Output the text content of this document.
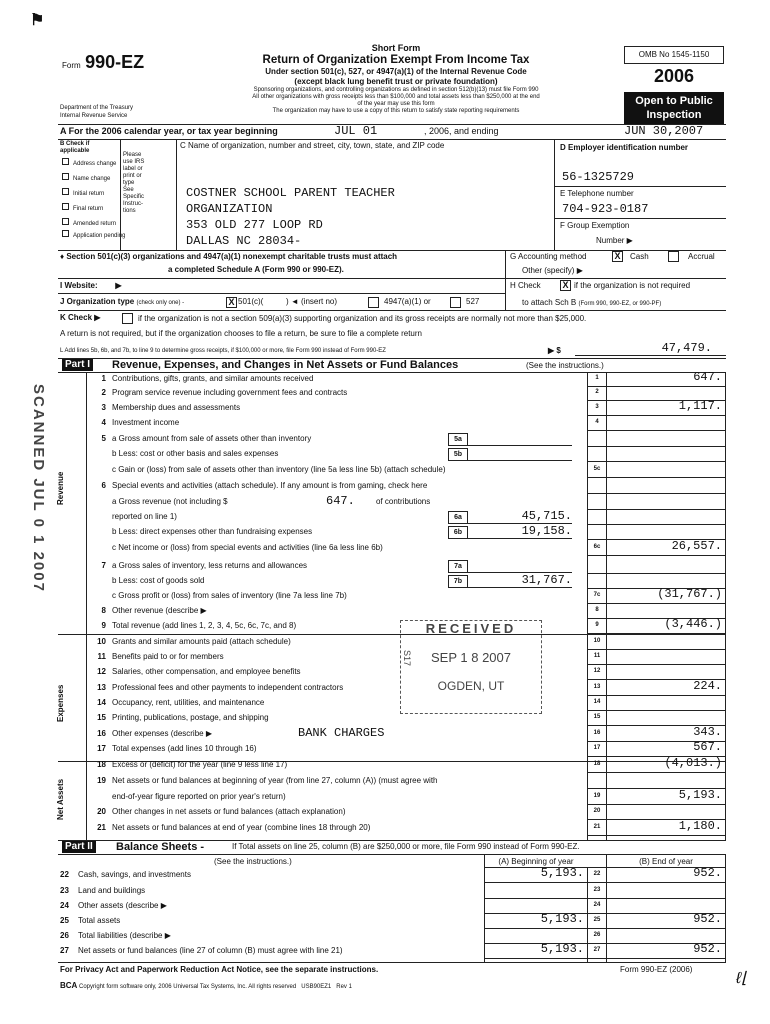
⚑
Form 990-EZ
Department of the Treasury
Internal Revenue Service
Short Form
Return of Organization Exempt From Income Tax
Under section 501(c), 527, or 4947(a)(1) of the Internal Revenue Code
(except black lung benefit trust or private foundation)
Sponsoring organizations, and controlling organizations as defined in section 512(b)(13) must file Form 990
All other organizations with gross receipts less than $100,000 and total assets less than $250,000 at the end
of the year may use this form
The organization may have to use a copy of this return to satisfy state reporting requirements
OMB No 1545-1150
2006
Open to Public
Inspection
A For the 2006 calendar year, or tax year beginning	JUL 01	, 2006, and ending	JUN 30,2007
B Check if applicable
Address change
Name change
Initial return
Final return
Amended return
Application pending
Please
use IRS
label or
print or
type
See
Specific
Instruc-
tions
C Name of organization, number and street, city, town, state, and ZIP code
COSTNER SCHOOL PARENT TEACHER
ORGANIZATION
353 OLD 277 LOOP RD
DALLAS NC 28034-
D Employer identification number
56-1325729
E Telephone number
704-923-0187
F Group Exemption
Number ▶
♦ Section 501(c)(3) organizations and 4947(a)(1) nonexempt charitable trusts must attach
a completed Schedule A (Form 990 or 990-EZ).
G Accounting method	X	Cash	Accrual
Other (specify) ▶
I Website:        ▶	H Check X if the organization is not required
J Organization type (check only one) -	X 501(c)(	) ◄ (insert no)	4947(a)(1) or	527	to attach Sch B (Form 990, 990-EZ, or 990-PF)
K Check ▶	if the organization is not a section 509(a)(3) supporting organization and its gross receipts are normally not more than $25,000.
A return is not required, but if the organization chooses to file a return, be sure to file a complete return
L Add lines 5b, 6b, and 7b, to line 9 to determine gross receipts, if $100,000 or more, file Form 990 instead of Form 990-EZ	▶ $	47,479.
Part I Revenue, Expenses, and Changes in Net Assets or Fund Balances	(See the instructions.)
Revenue
Expenses
Net Assets
1 Contributions, gifts, grants, and similar amounts received	1	647.
2 Program service revenue including government fees and contracts	2
3 Membership dues and assessments	3	1,117.
4 Investment income	4
5 a Gross amount from sale of assets other than inventory	5a
b Less: cost or other basis and sales expenses	5b
c Gain or (loss) from sale of assets other than inventory (line 5a less line 5b) (attach schedule)	5c
6 Special events and activities (attach schedule). If any amount is from gaming, check here
a Gross revenue (not including $	647.	of contributions
reported on line 1)	6a	45,715.
b Less: direct expenses other than fundraising expenses	6b	19,158.
c Net income or (loss) from special events and activities (line 6a less line 6b)	6c	26,557.
7 a Gross sales of inventory, less returns and allowances	7a
b Less: cost of goods sold	7b	31,767.
c Gross profit or (loss) from sales of inventory (line 7a less line 7b)	7c	(31,767.)
8 Other revenue (describe ▶	8
9 Total revenue (add lines 1, 2, 3, 4, 5c, 6c, 7c, and 8)	9	(3,446.)
10 Grants and similar amounts paid (attach schedule)	10
11 Benefits paid to or for members	11
12 Salaries, other compensation, and employee benefits	12
13 Professional fees and other payments to independent contractors	13	224.
14 Occupancy, rent, utilities, and maintenance	14
15 Printing, publications, postage, and shipping	15
16 Other expenses (describe ▶	BANK CHARGES	16	343.
17 Total expenses (add lines 10 through 16)	17	567.
18 Excess or (deficit) for the year (line 9 less line 17)	18	(4,013.)
19 Net assets or fund balances at beginning of year (from line 27, column (A)) (must agree with
end-of-year figure reported on prior year's return)	19	5,193.
20 Other changes in net assets or fund balances (attach explanation)	20
21 Net assets or fund balances at end of year (combine lines 18 through 20)	21	1,180.
Part II Balance Sheets -	If Total assets on line 25, column (B) are $250,000 or more, file Form 990 instead of Form 990-EZ.
(See the instructions.)	(A) Beginning of year	(B) End of year
22 Cash, savings, and investments	5,193.	22	952.
23 Land and buildings	23
24 Other assets (describe ▶	24
25 Total assets	5,193.	25	952.
26 Total liabilities (describe ▶	26
27 Net assets or fund balances (line 27 of column (B) must agree with line 21)	5,193.	27	952.
For Privacy Act and Paperwork Reduction Act Notice, see the separate instructions.	Form 990-EZ (2006)
BCA Copyright form software only, 2006 Universal Tax Systems, Inc. All rights reserved USB90EZ1 Rev 1
SCANNED JUL 0 1 2007
RECEIVED
SEP 1 8 2007
OGDEN, UT
S17
ℓ⌊
